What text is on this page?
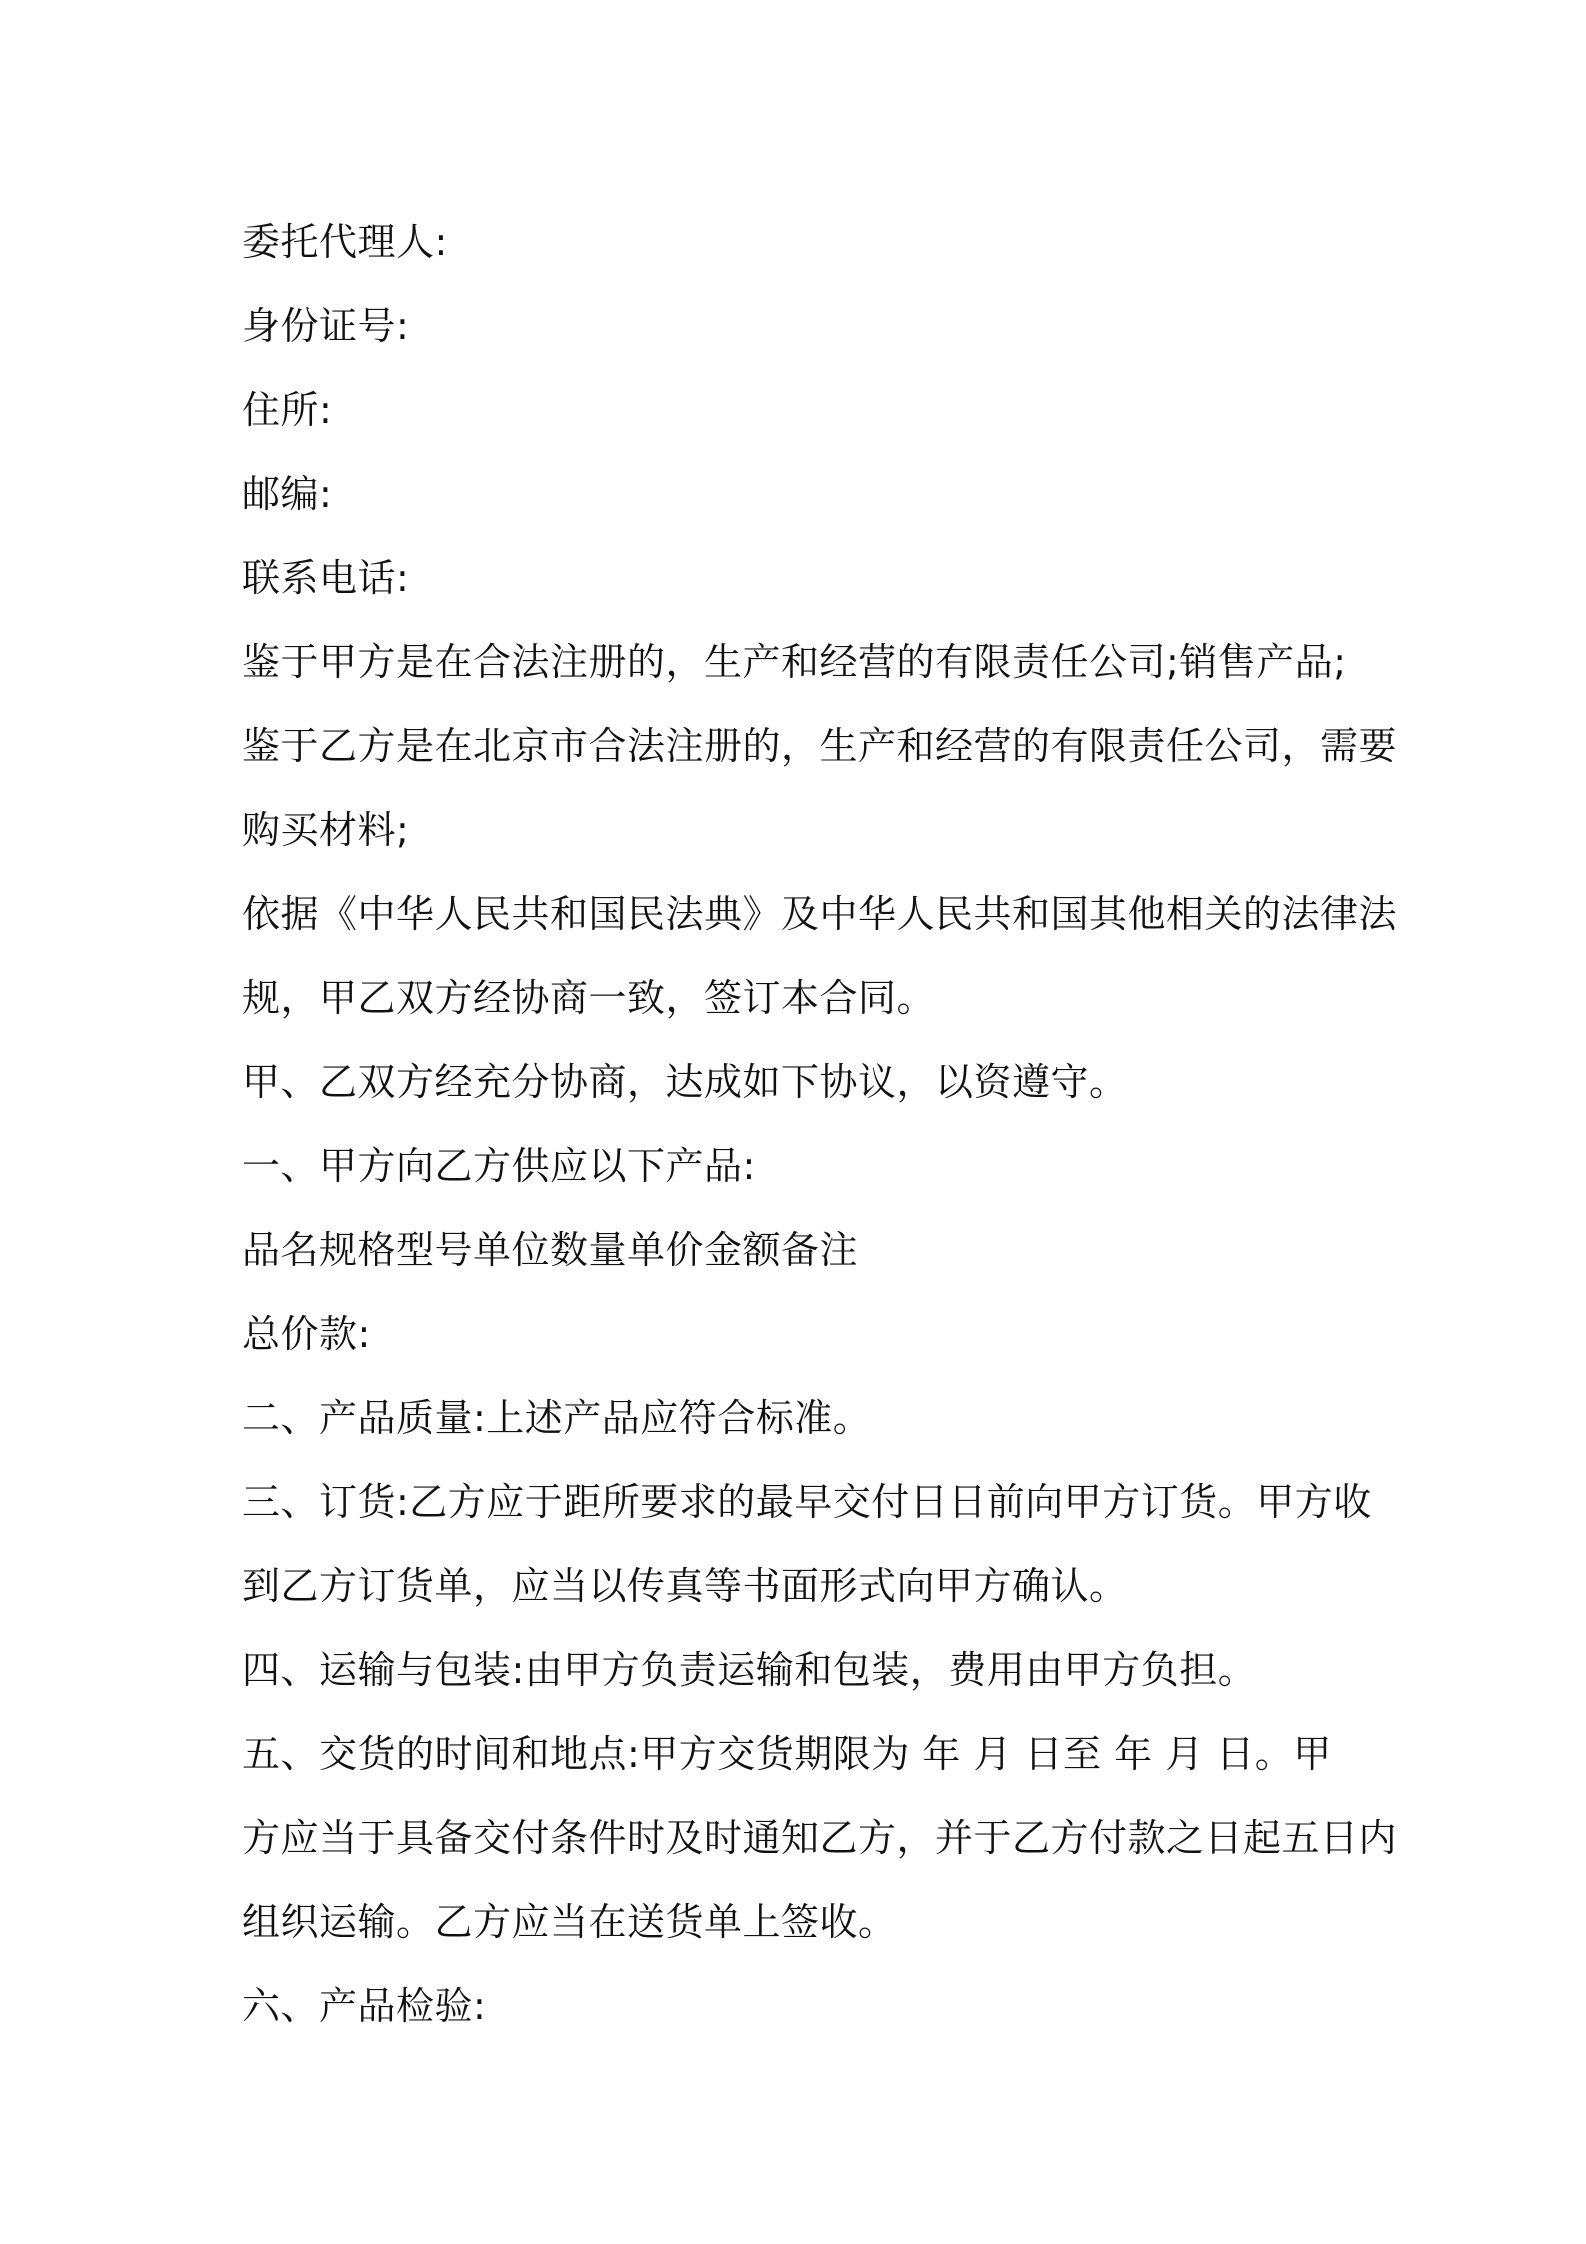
委托代理人:
身份证号:
住所:
邮编:
联系电话:
鉴于甲方是在合法注册的，生产和经营的有限责任公司;销售产品;
鉴于乙方是在北京市合法注册的，生产和经营的有限责任公司，需要
购买材料;
依据《中华人民共和国民法典》及中华人民共和国其他相关的法律法
规，甲乙双方经协商一致，签订本合同。
甲、乙双方经充分协商，达成如下协议，以资遵守。
一、甲方向乙方供应以下产品:
品名规格型号单位数量单价金额备注
总价款:
二、产品质量:上述产品应符合标准。
三、订货:乙方应于距所要求的最早交付日日前向甲方订货。甲方收
到乙方订货单，应当以传真等书面形式向甲方确认。
四、运输与包装:由甲方负责运输和包装，费用由甲方负担。
五、交货的时间和地点:甲方交货期限为 年 月 日至 年 月 日。甲
方应当于具备交付条件时及时通知乙方，并于乙方付款之日起五日内
组织运输。乙方应当在送货单上签收。
六、产品检验:
